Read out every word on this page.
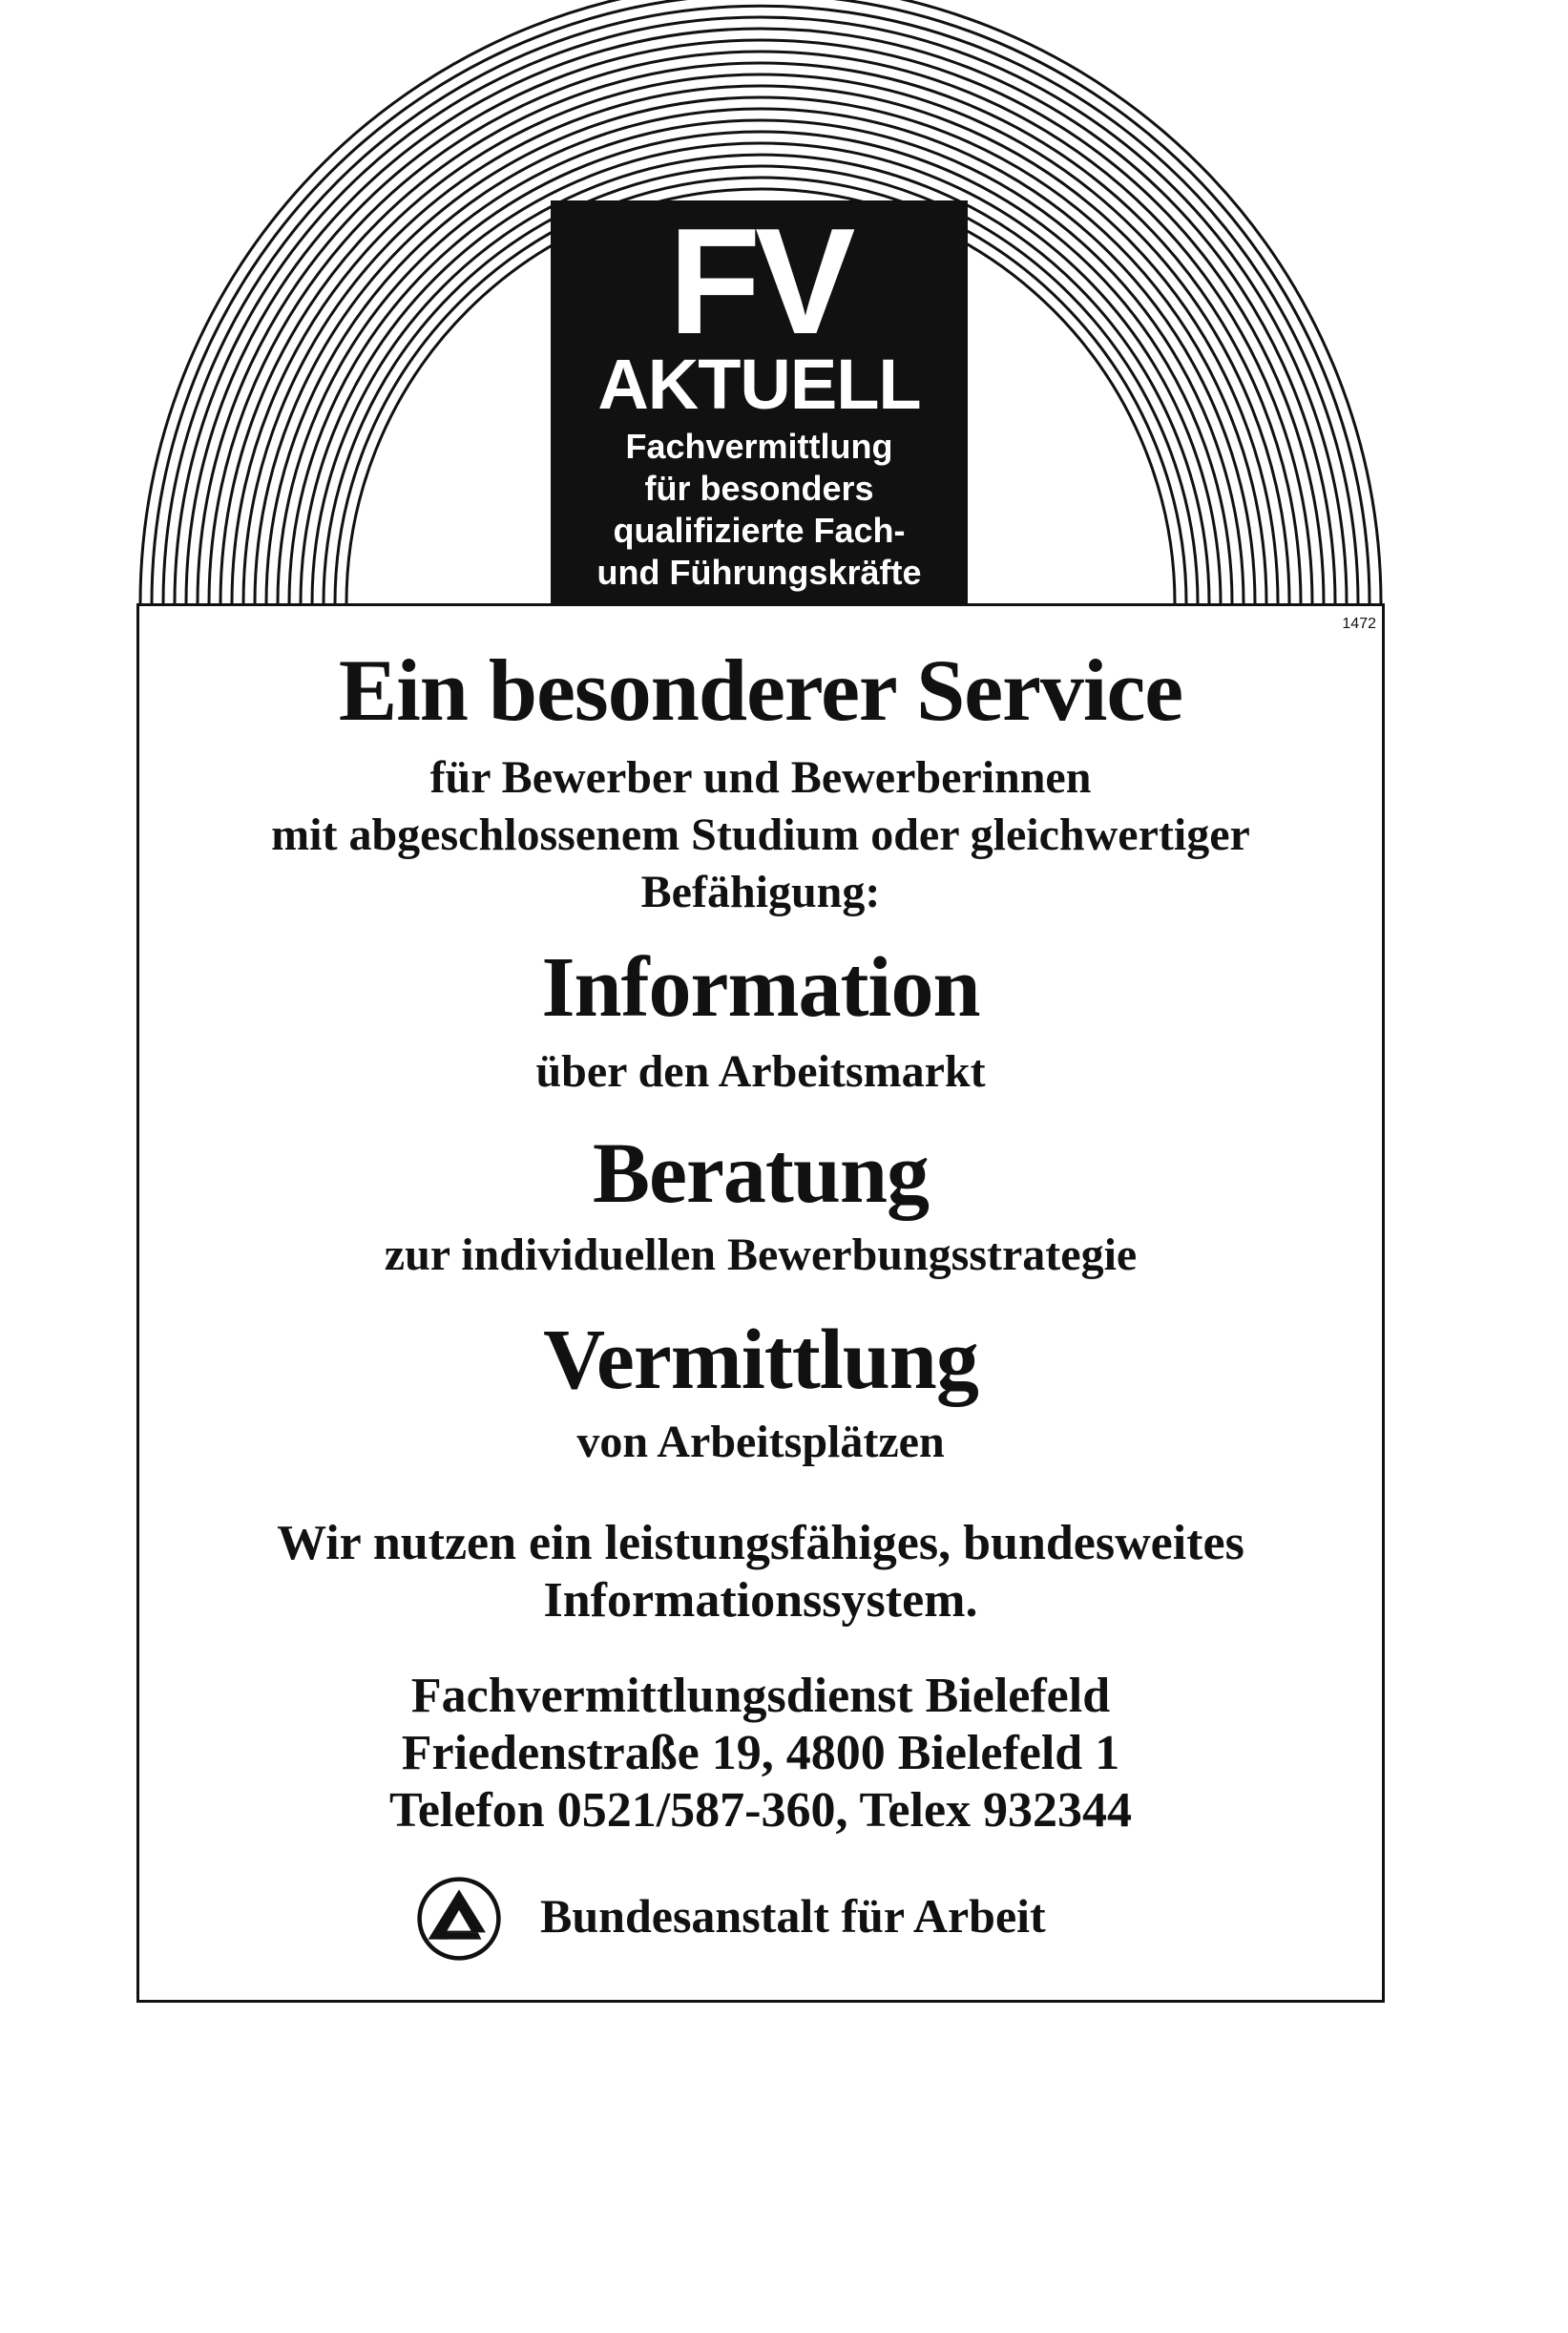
FV
AKTUELL
Fachvermittlung
für besonders
qualifizierte Fach-
und Führungskräfte
1472
Ein besonderer Service
für Bewerber und Bewerberinnen
mit abgeschlossenem Studium oder gleichwertiger
Befähigung:
Information
über den Arbeitsmarkt
Beratung
zur individuellen Bewerbungsstrategie
Vermittlung
von Arbeitsplätzen
Wir nutzen ein leistungsfähiges, bundesweites
Informationssystem.
Fachvermittlungsdienst Bielefeld
Friedenstraße 19, 4800 Bielefeld 1
Telefon 0521/587-360, Telex 932344
Bundesanstalt für Arbeit
